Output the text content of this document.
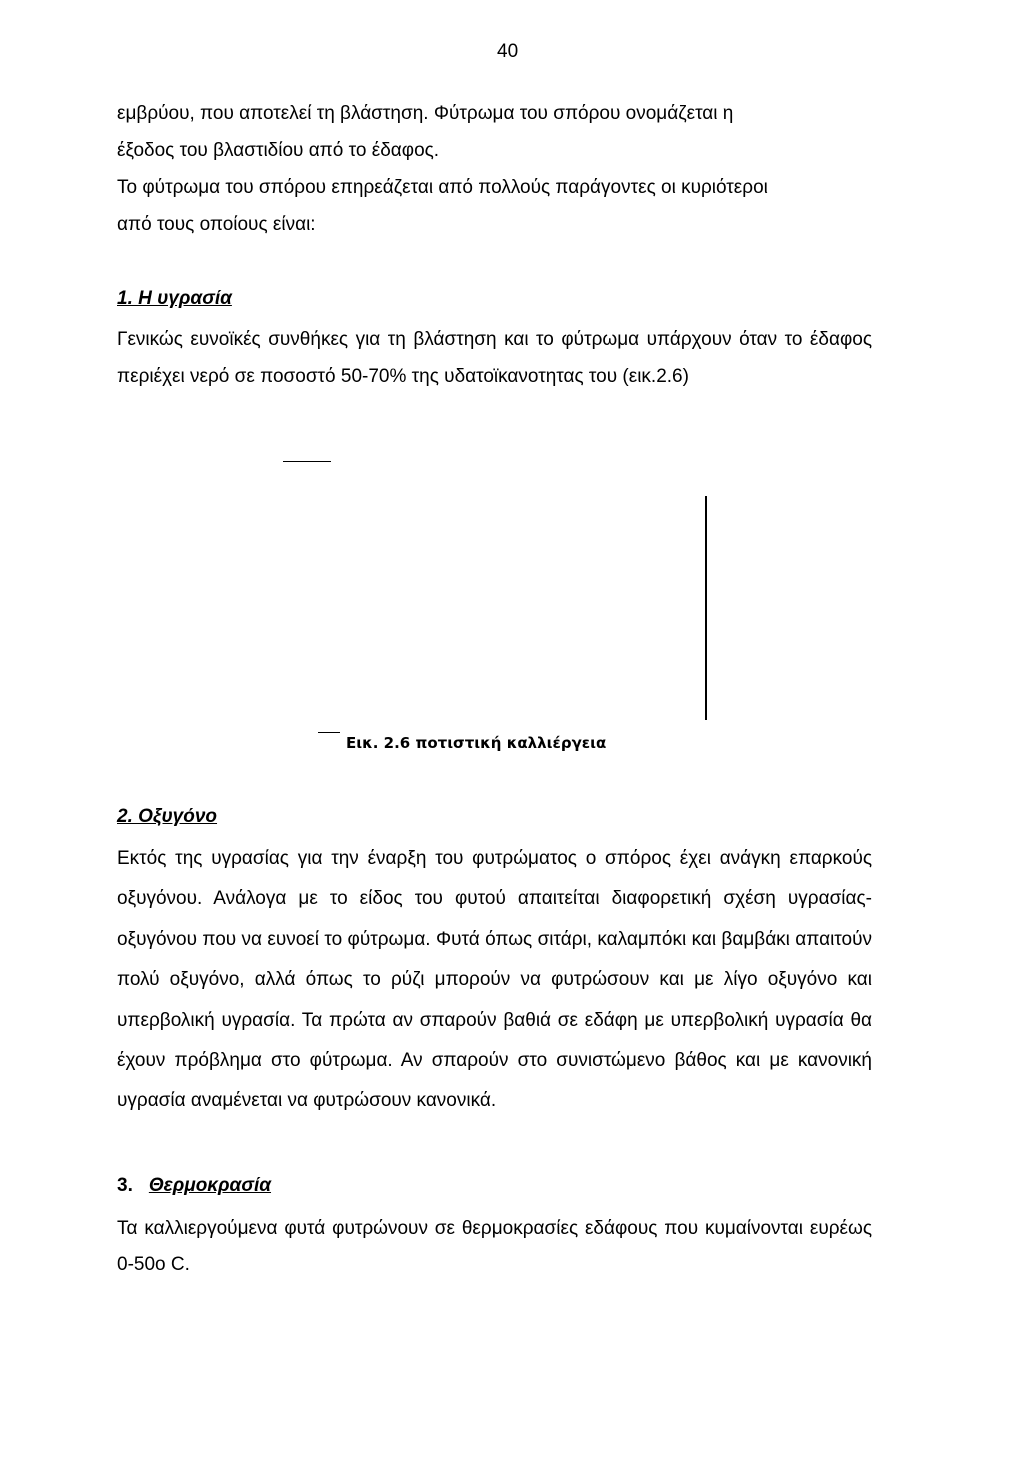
40
εμβρύου, που αποτελεί τη βλάστηση. Φύτρωμα του σπόρου ονομάζεται η
έξοδος του βλαστιδίου από το έδαφος.
Το φύτρωμα του σπόρου επηρεάζεται από πολλούς παράγοντες οι κυριότεροι
από τους οποίους είναι:
1. Η υγρασία
Γενικώς ευνοϊκές συνθήκες για τη βλάστηση και το φύτρωμα υπάρχουν όταν το έδαφος περιέχει νερό σε ποσοστό 50-70% της υδατοϊκανοτητας του (εικ.2.6)
Εικ. 2.6 ποτιστική καλλιέργεια
2. Οξυγόνο
Εκτός της υγρασίας για την έναρξη του φυτρώματος ο σπόρος έχει ανάγκη επαρκούς οξυγόνου. Ανάλογα με το είδος του φυτού απαιτείται διαφορετική σχέση υγρασίας-οξυγόνου που να ευνοεί το φύτρωμα. Φυτά όπως σιτάρι, καλαμπόκι και βαμβάκι απαιτούν πολύ οξυγόνο, αλλά όπως το ρύζι μπορούν να φυτρώσουν και με λίγο οξυγόνο και υπερβολική υγρασία. Τα πρώτα αν σπαρούν βαθιά σε εδάφη με υπερβολική υγρασία θα έχουν πρόβλημα στο φύτρωμα. Αν σπαρούν στο συνιστώμενο βάθος και με κανονική υγρασία αναμένεται να φυτρώσουν κανονικά.
3. Θερμοκρασία
Τα καλλιεργούμενα φυτά φυτρώνουν σε θερμοκρασίες εδάφους που κυμαίνονται ευρέως 0-50ο C.
